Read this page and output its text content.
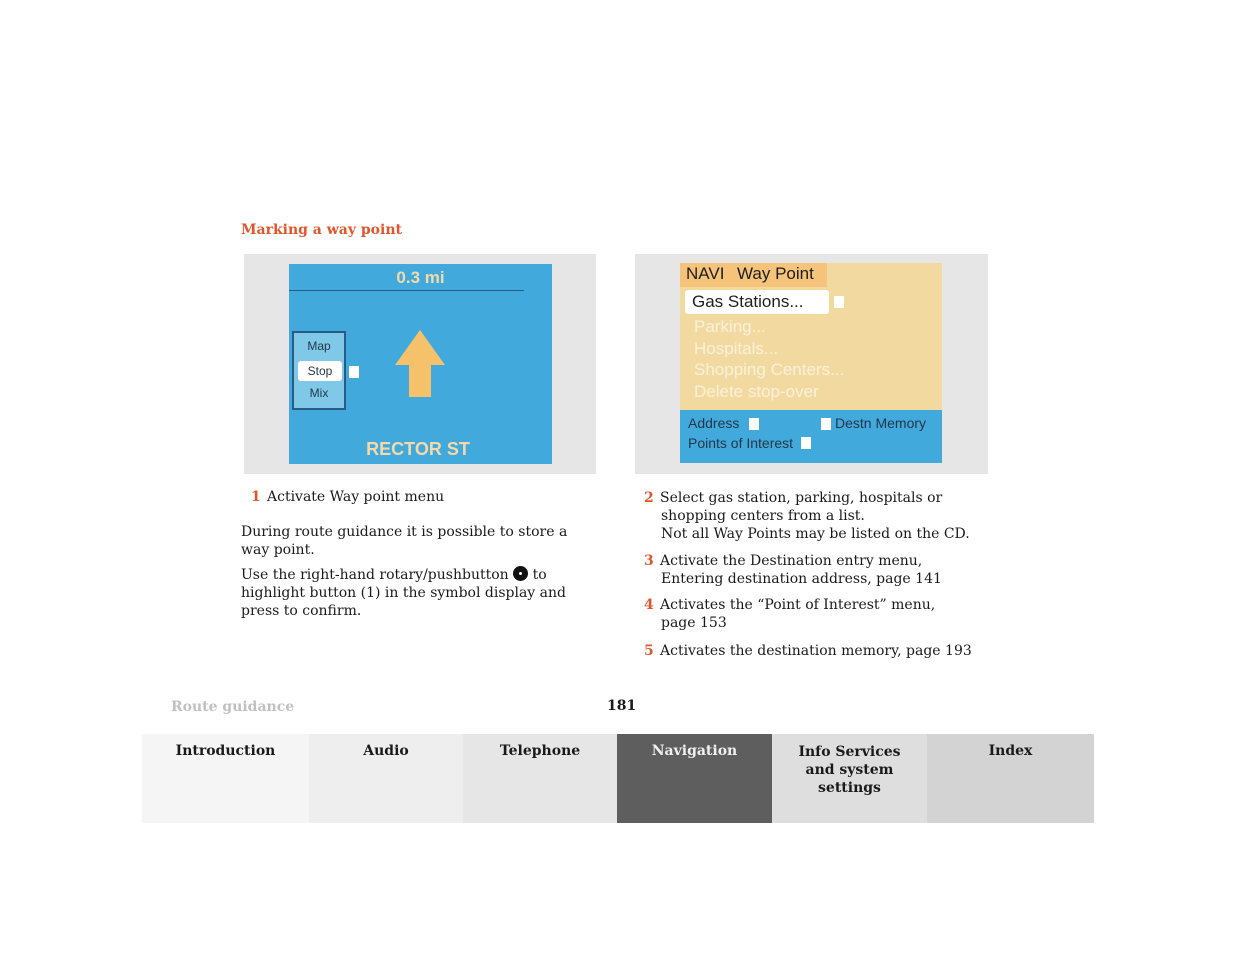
Marking a way point
0.3 mi
Map
Stop
Mix
RECTOR ST
NAVI Way Point
Gas Stations...
Parking...
Hospitals...
Shopping Centers...
Delete stop-over
Address	Destn Memory
Points of Interest
1 Activate Way point menu
During route guidance it is possible to store a way point.
Use the right-hand rotary/pushbutton to highlight button (1) in the symbol display and press to confirm.
2 Select gas station, parking, hospitals or
shopping centers from a list.
Not all Way Points may be listed on the CD.
3 Activate the Destination entry menu,
Entering destination address, page 141
4 Activates the “Point of Interest” menu,
page 153
5 Activates the destination memory, page 193
Route guidance	181
Introduction	Audio	Telephone	Navigation	Info Services and system settings
Index
